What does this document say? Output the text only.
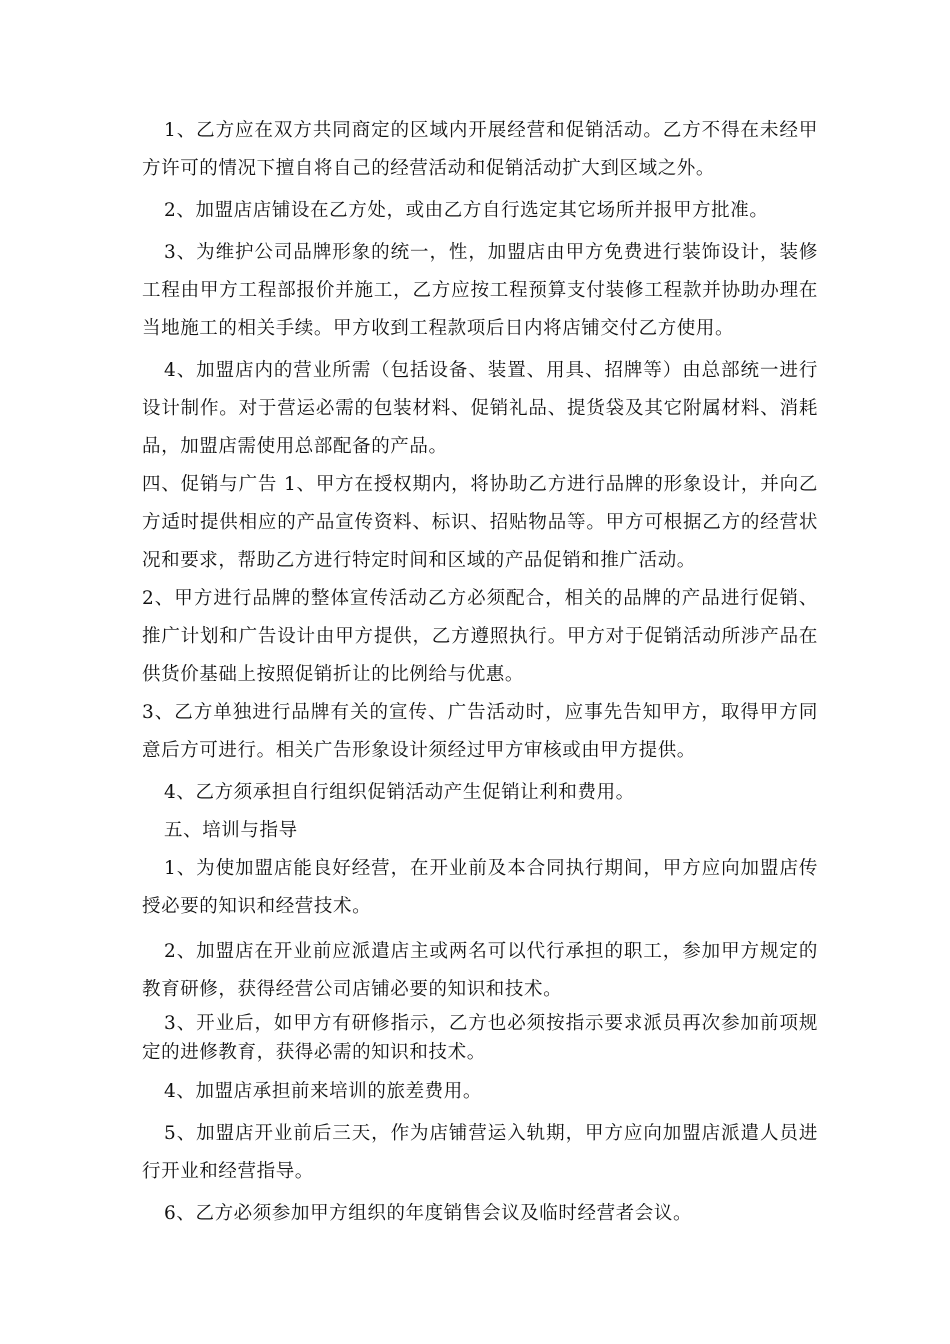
1、乙方应在双方共同商定的区域内开展经营和促销活动。乙方不得在未经甲方许可的情况下擅自将自己的经营活动和促销活动扩大到区域之外。

2、加盟店店铺设在乙方处，或由乙方自行选定其它场所并报甲方批准。

3、为维护公司品牌形象的统一，性，加盟店由甲方免费进行装饰设计，装修工程由甲方工程部报价并施工，乙方应按工程预算支付装修工程款并协助办理在当地施工的相关手续。甲方收到工程款项后日内将店铺交付乙方使用。

4、加盟店内的营业所需（包括设备、装置、用具、招牌等）由总部统一进行设计制作。对于营运必需的包装材料、促销礼品、提货袋及其它附属材料、消耗品，加盟店需使用总部配备的产品。

四、促销与广告 1、甲方在授权期内，将协助乙方进行品牌的形象设计，并向乙方适时提供相应的产品宣传资料、标识、招贴物品等。甲方可根据乙方的经营状况和要求，帮助乙方进行特定时间和区域的产品促销和推广活动。

2、甲方进行品牌的整体宣传活动乙方必须配合，相关的品牌的产品进行促销、推广计划和广告设计由甲方提供，乙方遵照执行。甲方对于促销活动所涉产品在供货价基础上按照促销折让的比例给与优惠。

3、乙方单独进行品牌有关的宣传、广告活动时，应事先告知甲方，取得甲方同意后方可进行。相关广告形象设计须经过甲方审核或由甲方提供。

4、乙方须承担自行组织促销活动产生促销让利和费用。

五、培训与指导

1、为使加盟店能良好经营，在开业前及本合同执行期间，甲方应向加盟店传授必要的知识和经营技术。

2、加盟店在开业前应派遣店主或两名可以代行承担的职工，参加甲方规定的教育研修，获得经营公司店铺必要的知识和技术。

3、开业后，如甲方有研修指示，乙方也必须按指示要求派员再次参加前项规定的进修教育，获得必需的知识和技术。

4、加盟店承担前来培训的旅差费用。

5、加盟店开业前后三天，作为店铺营运入轨期，甲方应向加盟店派遣人员进行开业和经营指导。

6、乙方必须参加甲方组织的年度销售会议及临时经营者会议。
